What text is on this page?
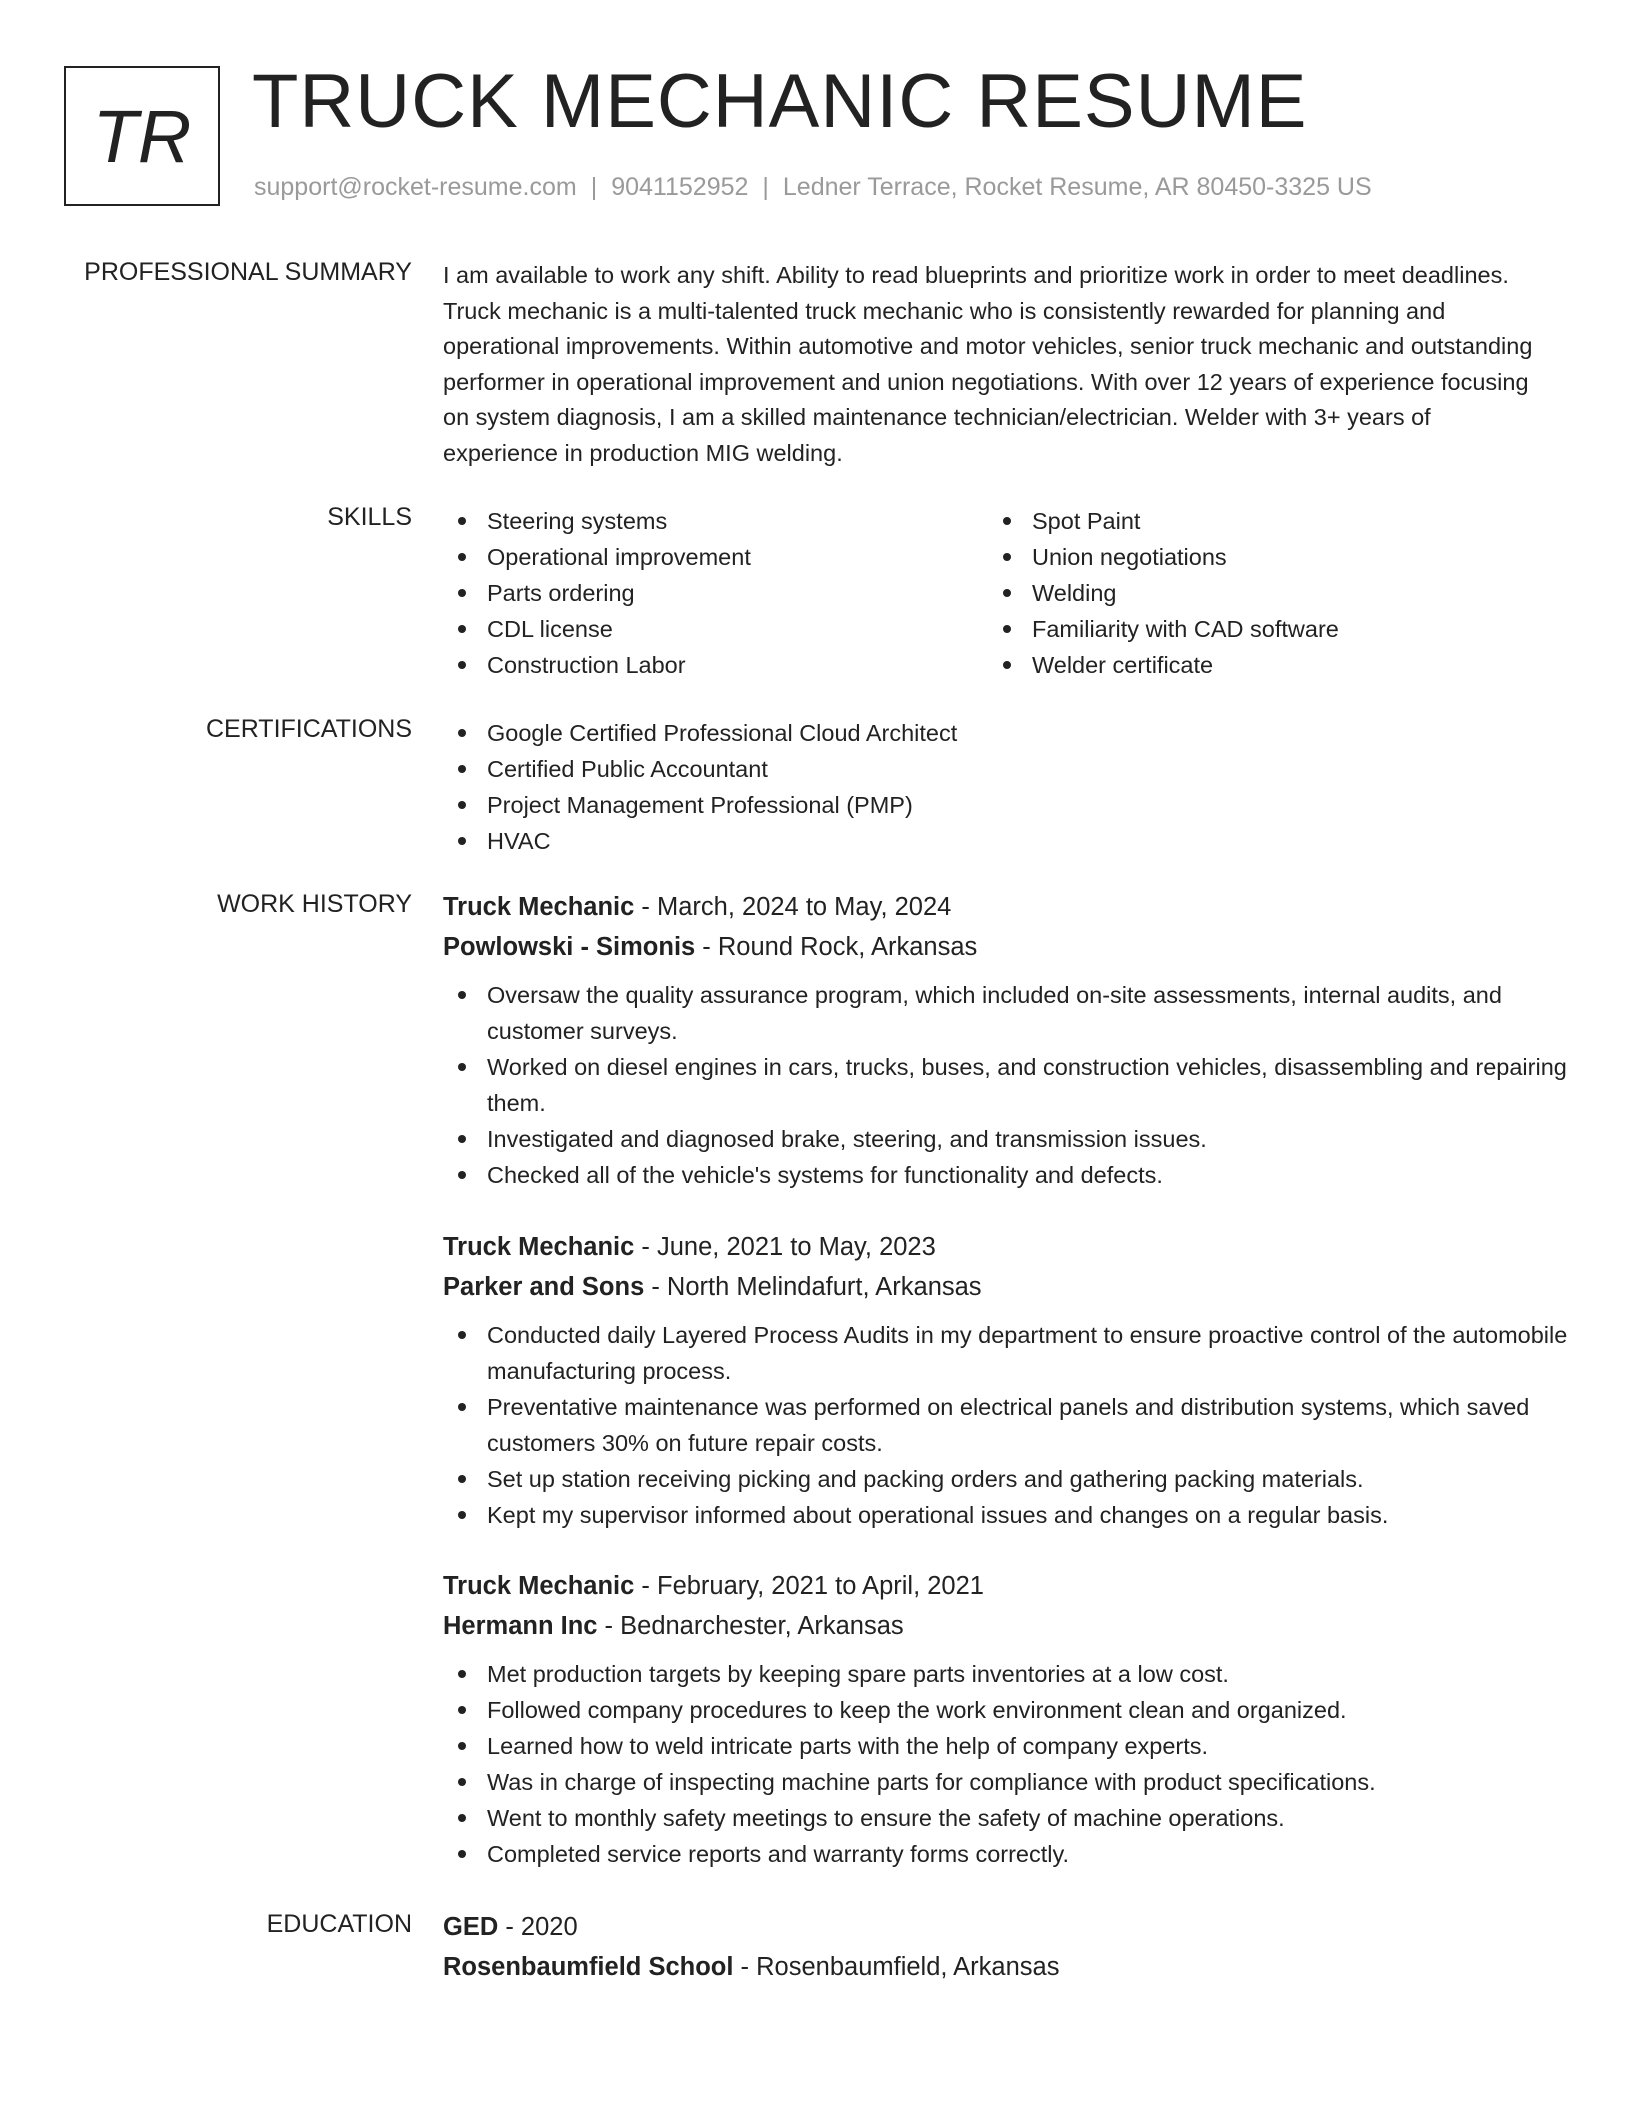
TR TRUCK MECHANIC RESUME
support@rocket-resume.com | 9041152952 | Ledner Terrace, Rocket Resume, AR 80450-3325 US
PROFESSIONAL SUMMARY I am available to work any shift. Ability to read blueprints and prioritize work in order to meet deadlines. Truck mechanic is a multi-talented truck mechanic who is consistently rewarded for planning and operational improvements. Within automotive and motor vehicles, senior truck mechanic and outstanding performer in operational improvement and union negotiations. With over 12 years of experience focusing on system diagnosis, I am a skilled maintenance technician/electrician. Welder with 3+ years of experience in production MIG welding.

SKILLS	Steering systems
Operational improvement
Parts ordering
CDL license
Construction Labor
Spot Paint
Union negotiations
Welding
Familiarity with CAD software
Welder certificate
CERTIFICATIONS	Google Certified Professional Cloud Architect
Certified Public Accountant
Project Management Professional (PMP)
HVAC
WORK HISTORY Truck Mechanic - March, 2024 to May, 2024
Powlowski - Simonis - Round Rock, Arkansas
Oversaw the quality assurance program, which included on-site assessments, internal audits, and customer surveys.
Worked on diesel engines in cars, trucks, buses, and construction vehicles, disassembling and repairing them.
Investigated and diagnosed brake, steering, and transmission issues.
Checked all of the vehicle's systems for functionality and defects.
Truck Mechanic - June, 2021 to May, 2023
Parker and Sons - North Melindafurt, Arkansas
Conducted daily Layered Process Audits in my department to ensure proactive control of the automobile manufacturing process.
Preventative maintenance was performed on electrical panels and distribution systems, which saved customers 30% on future repair costs.
Set up station receiving picking and packing orders and gathering packing materials.
Kept my supervisor informed about operational issues and changes on a regular basis.
Truck Mechanic - February, 2021 to April, 2021
Hermann Inc - Bednarchester, Arkansas
Met production targets by keeping spare parts inventories at a low cost.
Followed company procedures to keep the work environment clean and organized.
Learned how to weld intricate parts with the help of company experts.
Was in charge of inspecting machine parts for compliance with product specifications.
Went to monthly safety meetings to ensure the safety of machine operations.
Completed service reports and warranty forms correctly.
EDUCATION GED - 2020
Rosenbaumfield School - Rosenbaumfield, Arkansas
